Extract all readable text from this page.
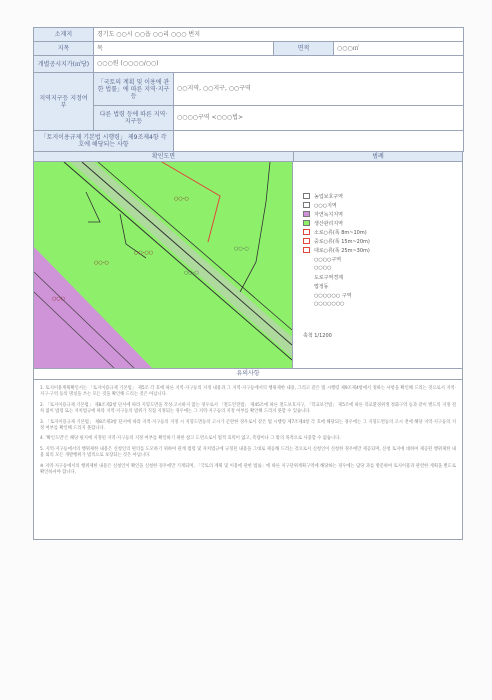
소재지	경기도 ○○시 ○○읍 ○○리 ○○○ 번지			
지목	목		면적	○○○㎡
개별공시지가(㎡당)	○○○원 (○○○○/○○)			
지역지구등 지정여부	「국토의 계획 및 이용에 관한 법률」에 따른 지역·지구등	○○지역, ○○지구, ○○구역		
	다른 법령 등에 따른 지역·지구등	○○○○구역 <○○○법>		
「토지이용규제 기본법 시행령」 제9조제4항 각 호에 해당되는 사항				
확인도면	범례
○○-○
○○-○○
○○-○
○○-○
○○○
○○-○
농업보호구역
○○○지역
자연녹지지역
생산관리지역
소로○류(폭 8m~10m)
중로○류(폭 15m~20m)
대로○류(폭 25m~30m)
○○○○구역
○○○○
도로구역경계
법정동
○○○○○○ 구역
○○○○○○○
축척 1/1200
유의사항

1. 토지이용계획확인서는 「토지이용규제 기본법」 제5조 각 호에 따른 지역·지구등의 지정 내용과 그 지역·지구등에서의 행위제한 내용, 그리고 같은 법 시행령 제9조제4항에서 정하는 사항을 확인해 드리는 것으로서 지역·지구·구역 등의 명칭을 쓰는 모든 것을 확인해 드리는 것은 아닙니다.

2. 「토지이용규제 기본법」 제8조제2항 단서에 따라 지형도면을 작성·고시하지 않는 경우로서 「철도안전법」 제45조에 따른 철도보호지구, 「학교보건법」 제5조에 따른 학교환경위생 정화구역 등과 같이 별도의 지정 절차 없이 법령 또는 자치법규에 따라 지역·지구등의 범위가 직접 지정되는 경우에는 그 지역·지구등의 지정 여부를 확인해 드리지 못할 수 있습니다.

3. 「토지이용규제 기본법」 제8조제3항 단서에 따라 지역·지구등의 지정 시 지형도면등의 고시가 곤란한 경우로서 같은 법 시행령 제7조제4항 각 호에 해당되는 경우에는 그 지형도면등의 고시 전에 해당 지역·지구등의 지정 여부를 확인해 드리지 못합니다.

4. '확인도면'은 해당 필지에 지정된 지역·지구등의 지정 여부를 확인하기 위한 참고 도면으로서 법적 효력이 없고, 측량이나 그 밖의 목적으로 사용할 수 없습니다.

5. 지역·지구등에서의 행위제한 내용은 신청인의 편의를 도모하기 위하여 관계 법령 및 자치법규에 규정된 내용을 그대로 제공해 드리는 것으로서 신청인이 신청한 경우에만 제공되며, 신청 토지에 대하여 제공된 행위제한 내용 외의 모든 개발행위가 법적으로 보장되는 것은 아닙니다.

※ 지역·지구등에서의 행위제한 내용은 신청인이 확인을 신청한 경우에만 기재되며, 「국토의 계획 및 이용에 관한 법률」에 따른 지구단위계획구역에 해당하는 경우에는 담당 과를 방문하여 토지이용과 관련한 계획을 별도로 확인하셔야 합니다.
